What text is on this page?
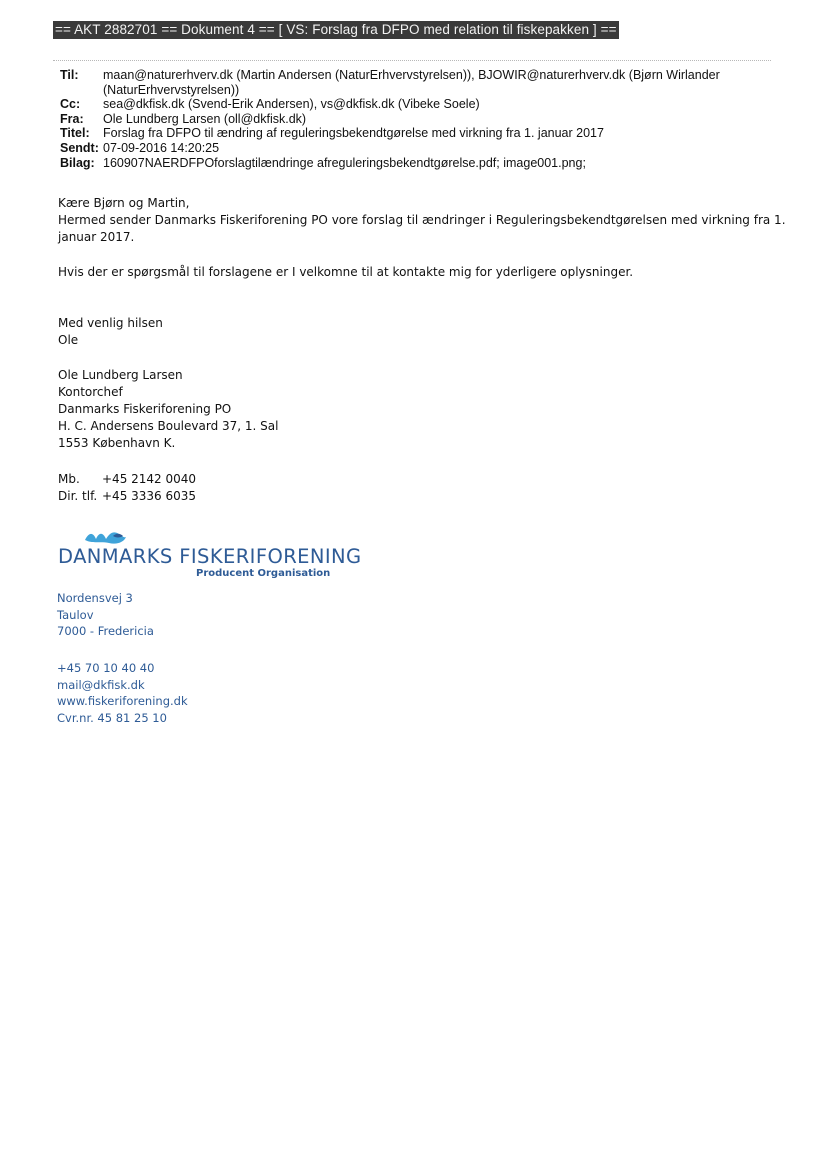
== AKT 2882701 == Dokument 4 == [ VS: Forslag fra DFPO med relation til fiskepakken ] ==
Til:	maan@naturerhverv.dk (Martin Andersen (NaturErhvervstyrelsen)), BJOWIR@naturerhverv.dk (Bjørn Wirlander (NaturErhvervstyrelsen))
Cc:	sea@dkfisk.dk (Svend-Erik Andersen), vs@dkfisk.dk (Vibeke Soele)
Fra:	Ole Lundberg Larsen (oll@dkfisk.dk)
Titel:	Forslag fra DFPO til ændring af reguleringsbekendtgørelse med virkning fra 1. januar 2017
Sendt: 07-09-2016 14:20:25
Bilag: 160907NAERDFPOforslagtilændringe afreguleringsbekendtgørelse.pdf; image001.png;
Kære Bjørn og Martin,
Hermed sender Danmarks Fiskeriforening PO vore forslag til ændringer i Reguleringsbekendtgørelsen med virkning fra 1.
januar 2017.
Hvis der er spørgsmål til forslagene er I velkomne til at kontakte mig for yderligere oplysninger.
Med venlig hilsen
Ole
Ole Lundberg Larsen
Kontorchef
Danmarks Fiskeriforening PO
H. C. Andersens Boulevard 37, 1. Sal
1553 København K.
Mb.	+45 2142 0040
Dir. tlf. +45 3336 6035
DANMARKS FISKERIFORENING
Producent Organisation
Nordensvej 3
Taulov
7000 - Fredericia
+45 70 10 40 40
mail@dkfisk.dk
www.fiskeriforening.dk
Cvr.nr. 45 81 25 10
